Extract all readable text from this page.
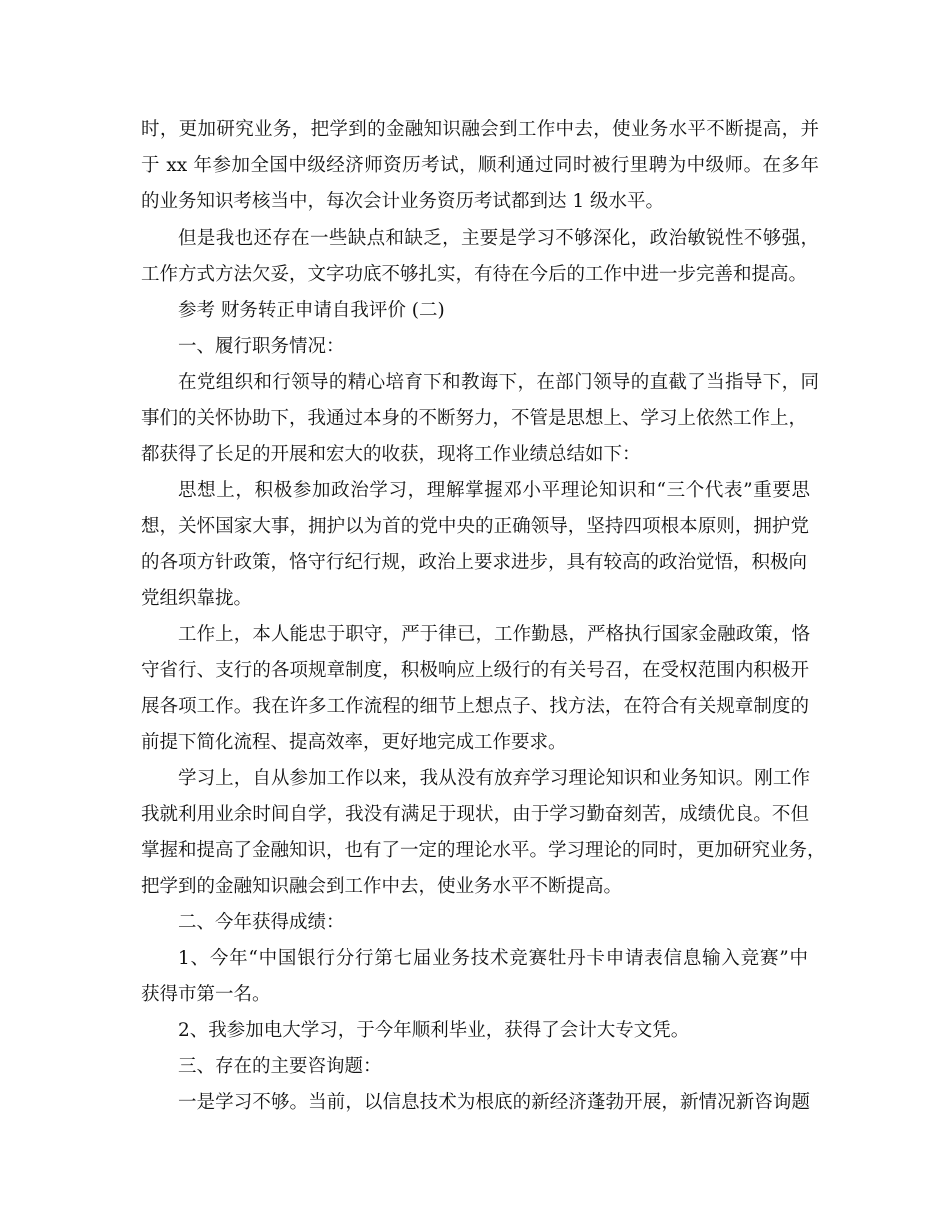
时，更加研究业务，把学到的金融知识融会到工作中去，使业务水平不断提高，并
于 xx 年参加全国中级经济师资历考试，顺利通过同时被行里聘为中级师。在多年
的业务知识考核当中，每次会计业务资历考试都到达 1 级水平。
但是我也还存在一些缺点和缺乏，主要是学习不够深化，政治敏锐性不够强，
工作方式方法欠妥，文字功底不够扎实，有待在今后的工作中进一步完善和提高。
参考 财务转正申请自我评价 (二)
一、履行职务情况：
在党组织和行领导的精心培育下和教诲下，在部门领导的直截了当指导下，同
事们的关怀协助下，我通过本身的不断努力，不管是思想上、学习上依然工作上，
都获得了长足的开展和宏大的收获，现将工作业绩总结如下：
思想上，积极参加政治学习，理解掌握邓小平理论知识和“三个代表”重要思
想，关怀国家大事，拥护以为首的党中央的正确领导，坚持四项根本原则，拥护党
的各项方针政策，恪守行纪行规，政治上要求进步，具有较高的政治觉悟，积极向
党组织靠拢。
工作上，本人能忠于职守，严于律已，工作勤恳，严格执行国家金融政策，恪
守省行、支行的各项规章制度，积极响应上级行的有关号召，在受权范围内积极开
展各项工作。我在许多工作流程的细节上想点子、找方法，在符合有关规章制度的
前提下简化流程、提高效率，更好地完成工作要求。
学习上，自从参加工作以来，我从没有放弃学习理论知识和业务知识。刚工作
我就利用业余时间自学，我没有满足于现状，由于学习勤奋刻苦，成绩优良。不但
掌握和提高了金融知识，也有了一定的理论水平。学习理论的同时，更加研究业务，
把学到的金融知识融会到工作中去，使业务水平不断提高。
二、今年获得成绩：
1、今年“中国银行分行第七届业务技术竞赛牡丹卡申请表信息输入竞赛”中
获得市第一名。
2、我参加电大学习，于今年顺利毕业，获得了会计大专文凭。
三、存在的主要咨询题：
一是学习不够。当前，以信息技术为根底的新经济蓬勃开展，新情况新咨询题
